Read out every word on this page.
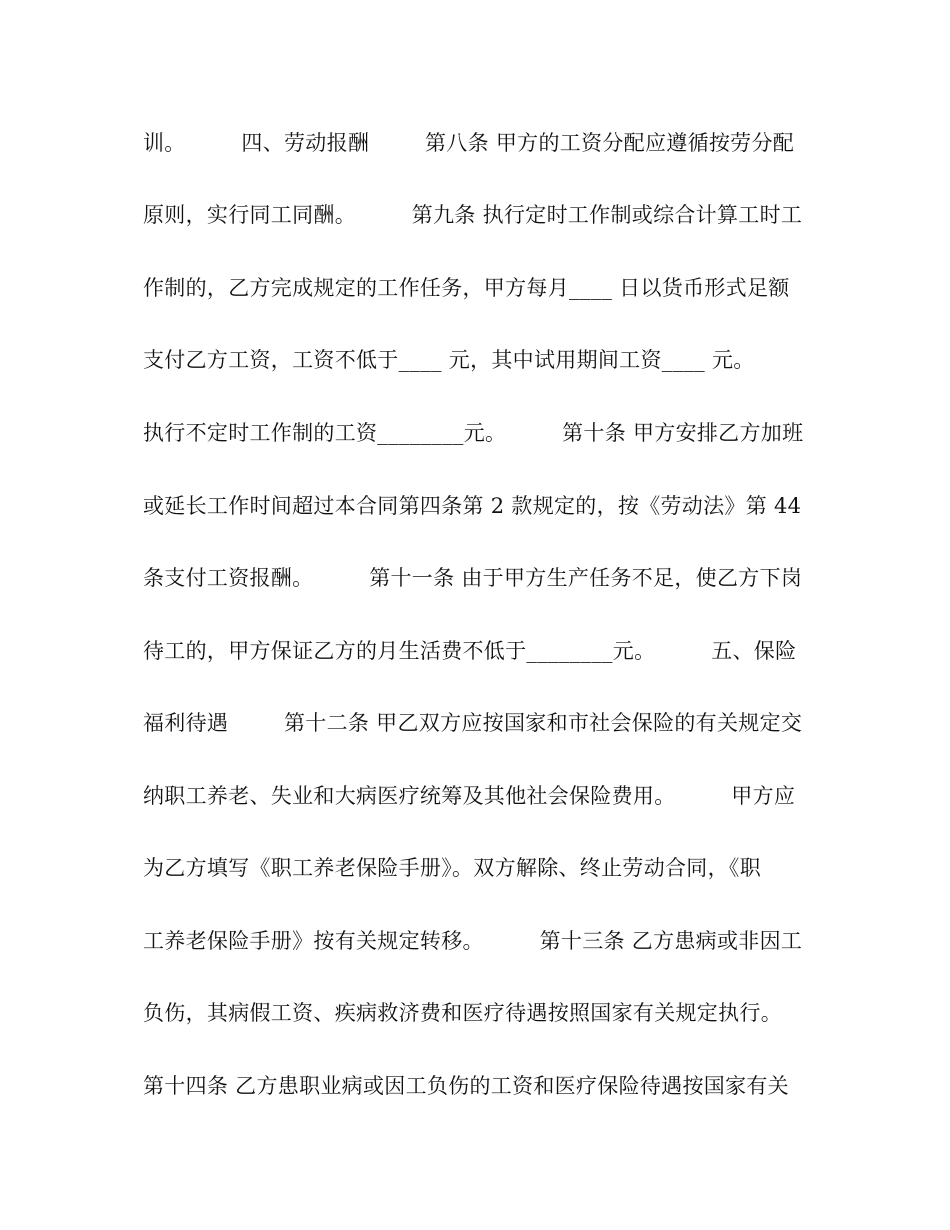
训。        四、劳动报酬        第八条 甲方的工资分配应遵循按劳分配
原则，实行同工同酬。        第九条 执行定时工作制或综合计算工时工
作制的，乙方完成规定的工作任务，甲方每月____ 日以货币形式足额
支付乙方工资，工资不低于____ 元，其中试用期间工资____ 元。
执行不定时工作制的工资________元。        第十条 甲方安排乙方加班
或延长工作时间超过本合同第四条第 2 款规定的，按《劳动法》第 44
条支付工资报酬。        第十一条 由于甲方生产任务不足，使乙方下岗
待工的，甲方保证乙方的月生活费不低于________元。        五、保险
福利待遇        第十二条 甲乙双方应按国家和市社会保险的有关规定交
纳职工养老、失业和大病医疗统筹及其他社会保险费用。        甲方应
为乙方填写《职工养老保险手册》。双方解除、终止劳动合同，《职
工养老保险手册》按有关规定转移。        第十三条 乙方患病或非因工
负伤，其病假工资、疾病救济费和医疗待遇按照国家有关规定执行。
第十四条 乙方患职业病或因工负伤的工资和医疗保险待遇按国家有关
